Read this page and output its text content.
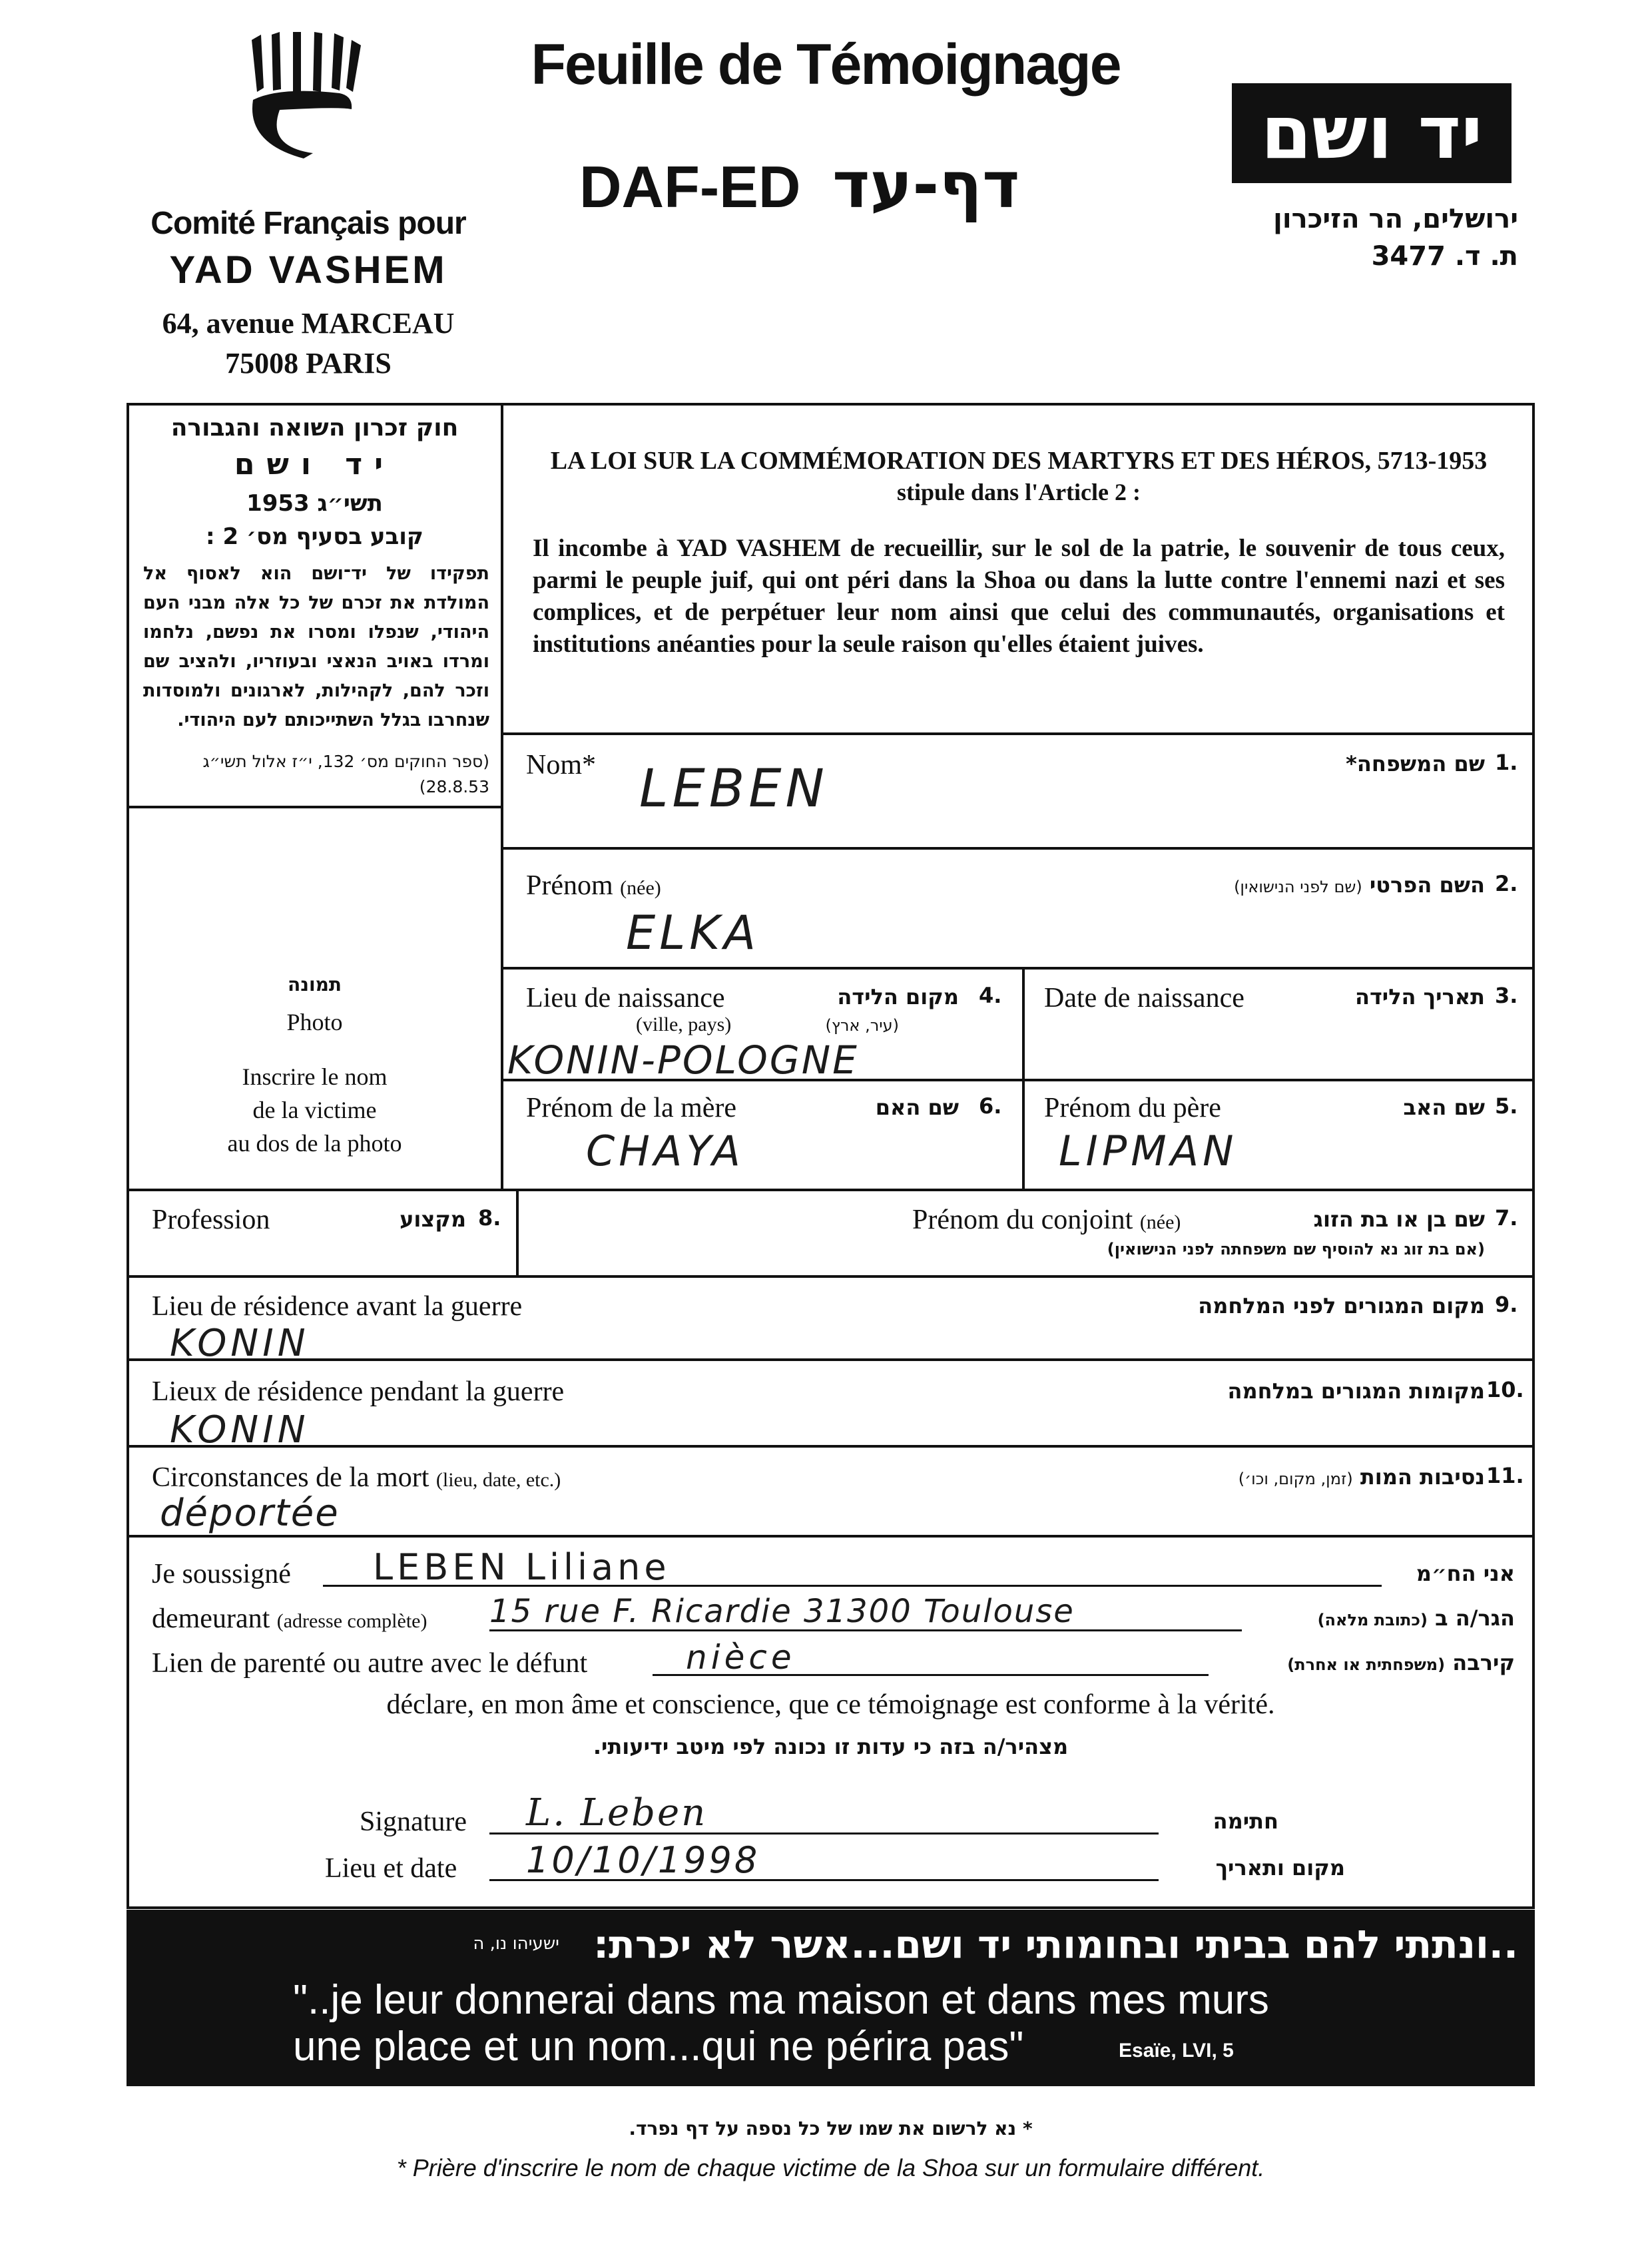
Comité Français pour
YAD VASHEM
64, avenue MARCEAU
75008 PARIS
Feuille de Témoignage
DAF-ED דף-עד
יד ושם
ירושלים, הר הזיכרון
ת. ד. 3477
חוק זכרון השואה והגבורה
יד ושם
תשי״ג 1953
קובע בסעיף מס׳ 2 :
תפקידו של יד־ושם הוא לאסוף אל המולדת את זכרם של כל אלה מבני העם היהודי, שנפלו ומסרו את נפשם, נלחמו ומרדו באויב הנאצי ובעוזריו, ולהציב שם וזכר להם, לקהילות, לארגונים ולמוסדות שנחרבו בגלל השתייכותם לעם היהודי.
(ספר החוקים מס׳ 132, י״ז אלול תשי״ג 28.8.53)
תמונה
Photo
Inscrire le nom
de la victime
au dos de la photo
LA LOI SUR LA COMMÉMORATION DES MARTYRS ET DES HÉROS, 5713-1953
stipule dans l'Article 2 :
Il incombe à YAD VASHEM de recueillir, sur le sol de la patrie, le souvenir de tous ceux, parmi le peuple juif, qui ont péri dans la Shoa ou dans la lutte contre l'ennemi nazi et ses complices, et de perpétuer leur nom ainsi que celui des communautés, organisations et institutions anéanties pour la seule raison qu'elles étaient juives.
Nom*	שם המשפחה* 1.
LEBEN
Prénom (née)	השם הפרטי (שם לפני הנישואין)	2.
ELKA
Lieu de naissance
(ville, pays)
מקום הלידה
(עיר, ארץ)
4.
KONIN-POLOGNE
Date de naissance	תאריך הלידה 3.
Prénom de la mère	שם האם 6.
CHAYA
Prénom du père	שם האב 5.
LIPMAN
Profession	מקצוע 8.	Prénom du conjoint (née)	שם בן או בת הזוג 7.
(אם בת זוג נא להוסיף שם משפחתה לפני הנישואין)
Lieu de résidence avant la guerre	מקום המגורים לפני המלחמה 9.
KONIN
Lieux de résidence pendant la guerre	מקומות המגורים במלחמה 10.
KONIN
Circonstances de la mort (lieu, date, etc.)	נסיבות המות (זמן, מקום, וכו׳)	11.
déportée
Je soussigné LEBEN Liliane	אני הח״מ
demeurant (adresse complète) 15 rue F. Ricardie 31300 Toulouse	הגר/ה ב (כתובת מלאה)
Lien de parenté ou autre avec le défunt	nièce	קירבה (משפחתית או אחרת)
déclare, en mon âme et conscience, que ce témoignage est conforme à la vérité.
מצהיר/ה בזה כי עדות זו נכונה לפי מיטב ידיעותי.
Signature L. Leben	חתימה
Lieu et date 10/10/1998	מקום ותאריך
..ונתתי להם בביתי ובחומותי יד ושם...אשר לא יכרת:
ישעיהו נו, ה
"..je leur donnerai dans ma maison et dans mes murs
une place et un nom...qui ne périra pas"	Esaïe, LVI, 5
* נא לרשום את שמו של כל נספה על דף נפרד.
* Prière d'inscrire le nom de chaque victime de la Shoa sur un formulaire différent.
